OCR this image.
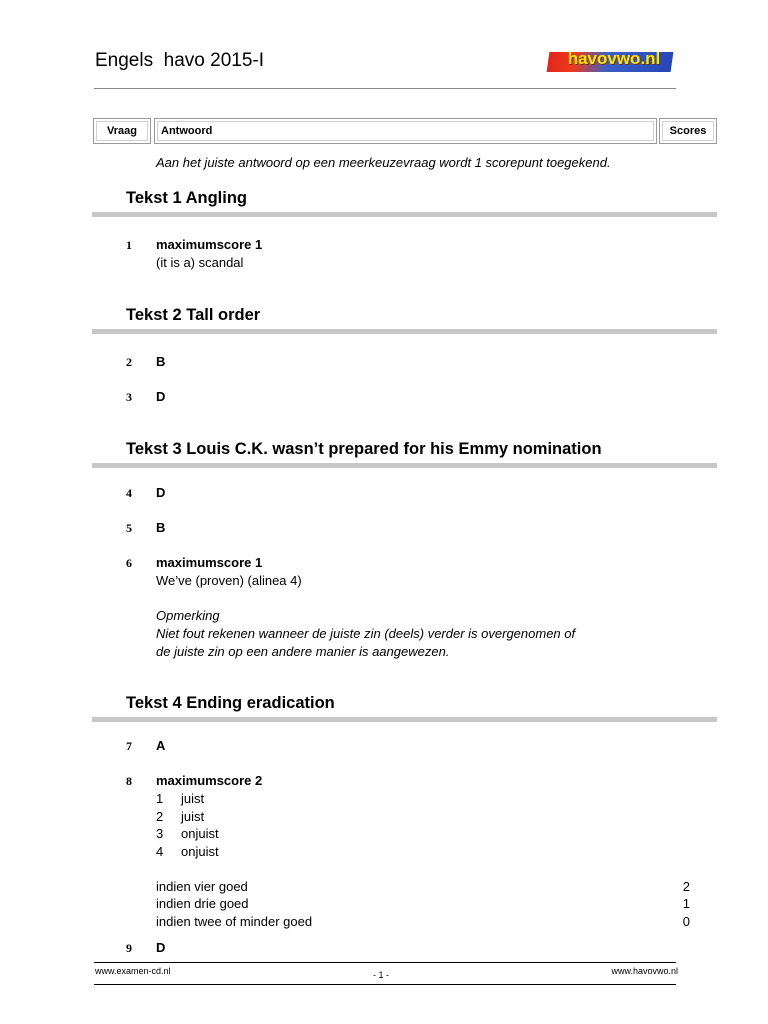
Engels  havo 2015-I	havovwo.nl
Vraag	Antwoord	Scores
Aan het juiste antwoord op een meerkeuzevraag wordt 1 scorepunt toegekend.
Tekst 1 Angling
1 maximumscore 1
(it is a) scandal
Tekst 2 Tall order
2 B
3 D
Tekst 3 Louis C.K. wasn’t prepared for his Emmy nomination
4 D
5 B
6 maximumscore 1
We’ve (proven) (alinea 4)
Opmerking
Niet fout rekenen wanneer de juiste zin (deels) verder is overgenomen of
de juiste zin op een andere manier is aangewezen.
Tekst 4 Ending eradication
7 A
8 maximumscore 2
1 juist
2 juist
3 onjuist
4 onjuist
indien vier goed	2
indien drie goed	1
indien twee of minder goed	0
9 D
www.examen-cd.nl	- 1 -	www.havovwo.nl
